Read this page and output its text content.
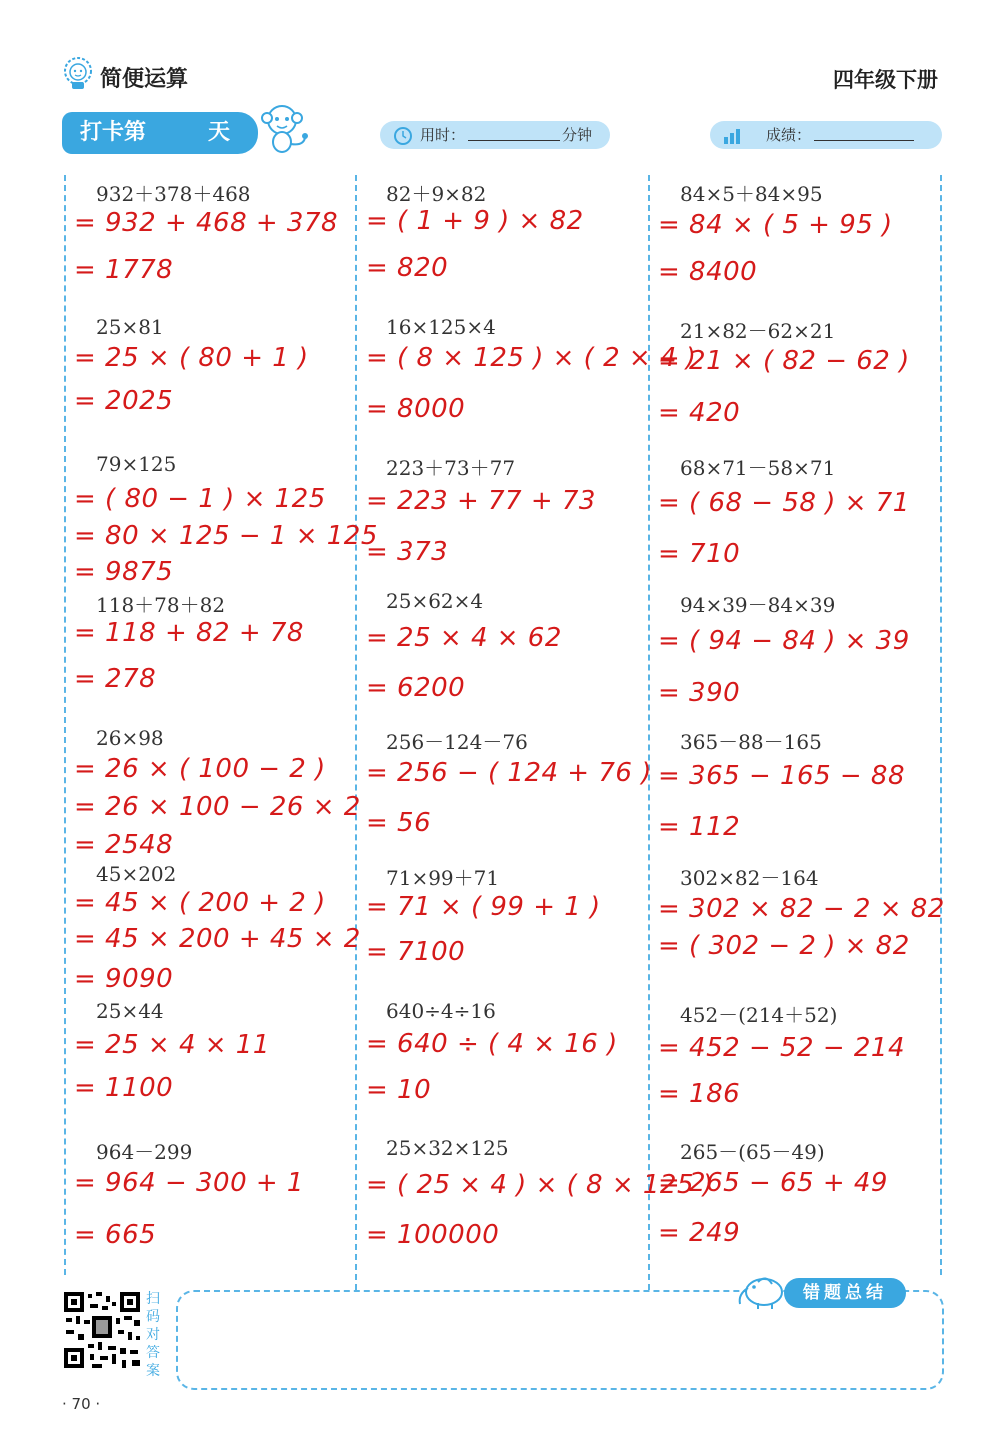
简便运算	四年级下册
打卡第	天	用时：	分钟	成绩：
932＋378＋468
= 932 + 468 + 378
= 1778
25×81
= 25 × ( 80 + 1 )
= 2025
79×125
= ( 80 − 1 ) × 125
= 80 × 125 − 1 × 125
= 9875
118＋78＋82
= 118 + 82 + 78
= 278
26×98
= 26 × ( 100 − 2 )
= 26 × 100 − 26 × 2
= 2548
45×202
= 45 × ( 200 + 2 )
= 45 × 200 + 45 × 2
= 9090
25×44
= 25 × 4 × 11
= 1100
964－299
= 964 − 300 + 1
= 665
82＋9×82
= ( 1 + 9 ) × 82
= 820
16×125×4
= ( 8 × 125 ) × ( 2 × 4 )
= 8000
223＋73＋77
= 223 + 77 + 73
= 373
25×62×4
= 25 × 4 × 62
= 6200
256－124－76
= 256 − ( 124 + 76 )
= 56
71×99＋71
= 71 × ( 99 + 1 )
= 7100
640÷4÷16
= 640 ÷ ( 4 × 16 )
= 10
25×32×125
= ( 25 × 4 ) × ( 8 × 125 )
= 100000
84×5＋84×95
= 84 × ( 5 + 95 )
= 8400
21×82－62×21
= 21 × ( 82 − 62 )
= 420
68×71－58×71
= ( 68 − 58 ) × 71
= 710
94×39－84×39
= ( 94 − 84 ) × 39
= 390
365－88－165
= 365 − 165 − 88
= 112
302×82－164
= 302 × 82 − 2 × 82
= ( 302 − 2 ) × 82
452－(214＋52)
= 452 − 52 − 214
= 186
265－(65－49)
= 265 − 65 + 49
= 249
错题总结
扫码对答案
· 70 ·
